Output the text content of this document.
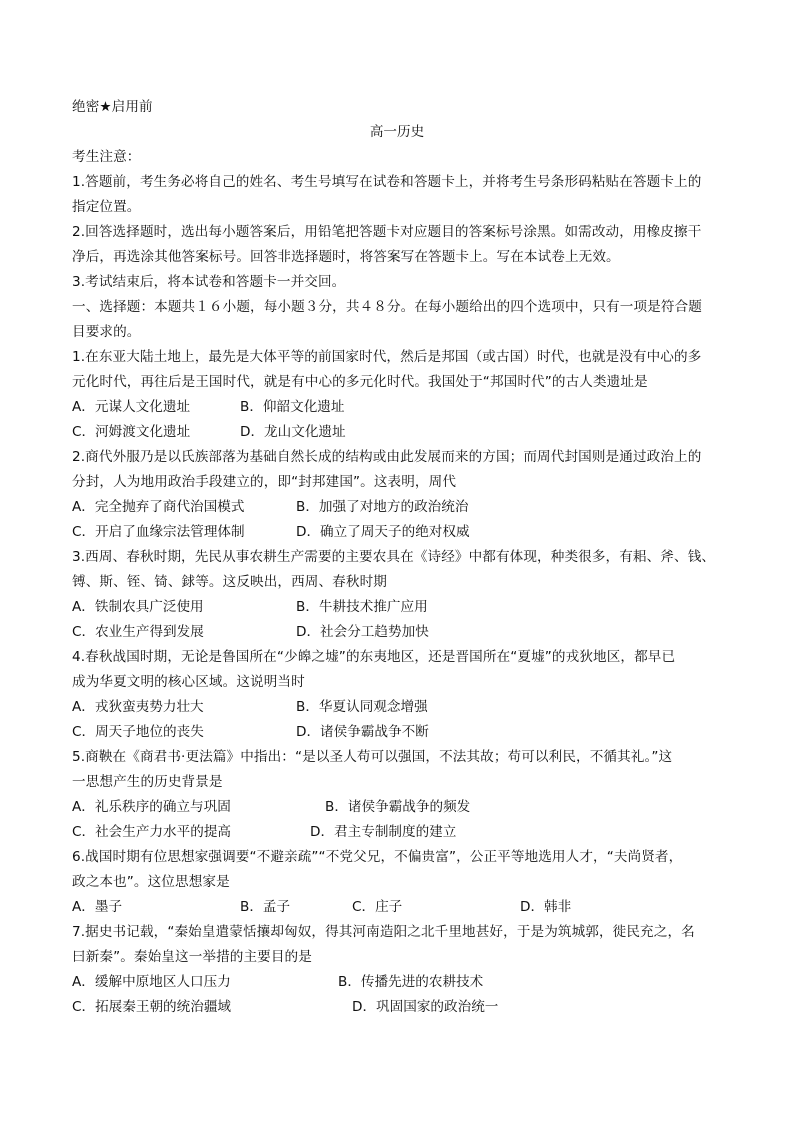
绝密★启用前
高一历史
考生注意：
1.答题前，考生务必将自己的姓名、考生号填写在试卷和答题卡上，并将考生号条形码粘贴在答题卡上的
指定位置。
2.回答选择题时，选出每小题答案后，用铅笔把答题卡对应题目的答案标号涂黑。如需改动，用橡皮擦干
净后，再选涂其他答案标号。回答非选择题时，将答案写在答题卡上。写在本试卷上无效。
3.考试结束后，将本试卷和答题卡一并交回。
一、选择题：本题共１６小题，每小题３分，共４８分。在每小题给出的四个选项中，只有一项是符合题
目要求的。
1.在东亚大陆土地上，最先是大体平等的前国家时代，然后是邦国（或古国）时代，也就是没有中心的多
元化时代，再往后是王国时代，就是有中心的多元化时代。我国处于“邦国时代”的古人类遗址是
A．元谋人文化遗址	B．仰韶文化遗址
C．河姆渡文化遗址	D．龙山文化遗址
2.商代外服乃是以氏族部落为基础自然长成的结构或由此发展而来的方国；而周代封国则是通过政治上的
分封，人为地用政治手段建立的，即“封邦建国”。这表明，周代
A．完全抛弃了商代治国模式	B．加强了对地方的政治统治
C．开启了血缘宗法管理体制	D．确立了周天子的绝对权威
3.西周、春秋时期，先民从事农耕生产需要的主要农具在《诗经》中都有体现，种类很多，有耜、斧、钱、
镈、斯、铚、锜、銶等。这反映出，西周、春秋时期
A．铁制农具广泛使用	B．牛耕技术推广应用
C．农业生产得到发展	D．社会分工趋势加快
4.春秋战国时期，无论是鲁国所在“少皞之墟”的东夷地区，还是晋国所在“夏墟”的戎狄地区，都早已
成为华夏文明的核心区域。这说明当时
A．戎狄蛮夷势力壮大	B．华夏认同观念增强
C．周天子地位的丧失	D．诸侯争霸战争不断
5.商鞅在《商君书·更法篇》中指出：“是以圣人苟可以强国，不法其故；苟可以利民，不循其礼。”这
一思想产生的历史背景是
A．礼乐秩序的确立与巩固	B．诸侯争霸战争的频发
C．社会生产力水平的提高	D．君主专制制度的建立
6.战国时期有位思想家强调要“不避亲疏”“不党父兄，不偏贵富”，公正平等地选用人才，“夫尚贤者，
政之本也”。这位思想家是
A．墨子	B．孟子	C．庄子	D．韩非
7.据史书记载，“秦始皇遣蒙恬攘却匈奴，得其河南造阳之北千里地甚好，于是为筑城郭，徙民充之，名
曰新秦”。秦始皇这一举措的主要目的是
A．缓解中原地区人口压力	B．传播先进的农耕技术
C．拓展秦王朝的统治疆域	D．巩固国家的政治统一
